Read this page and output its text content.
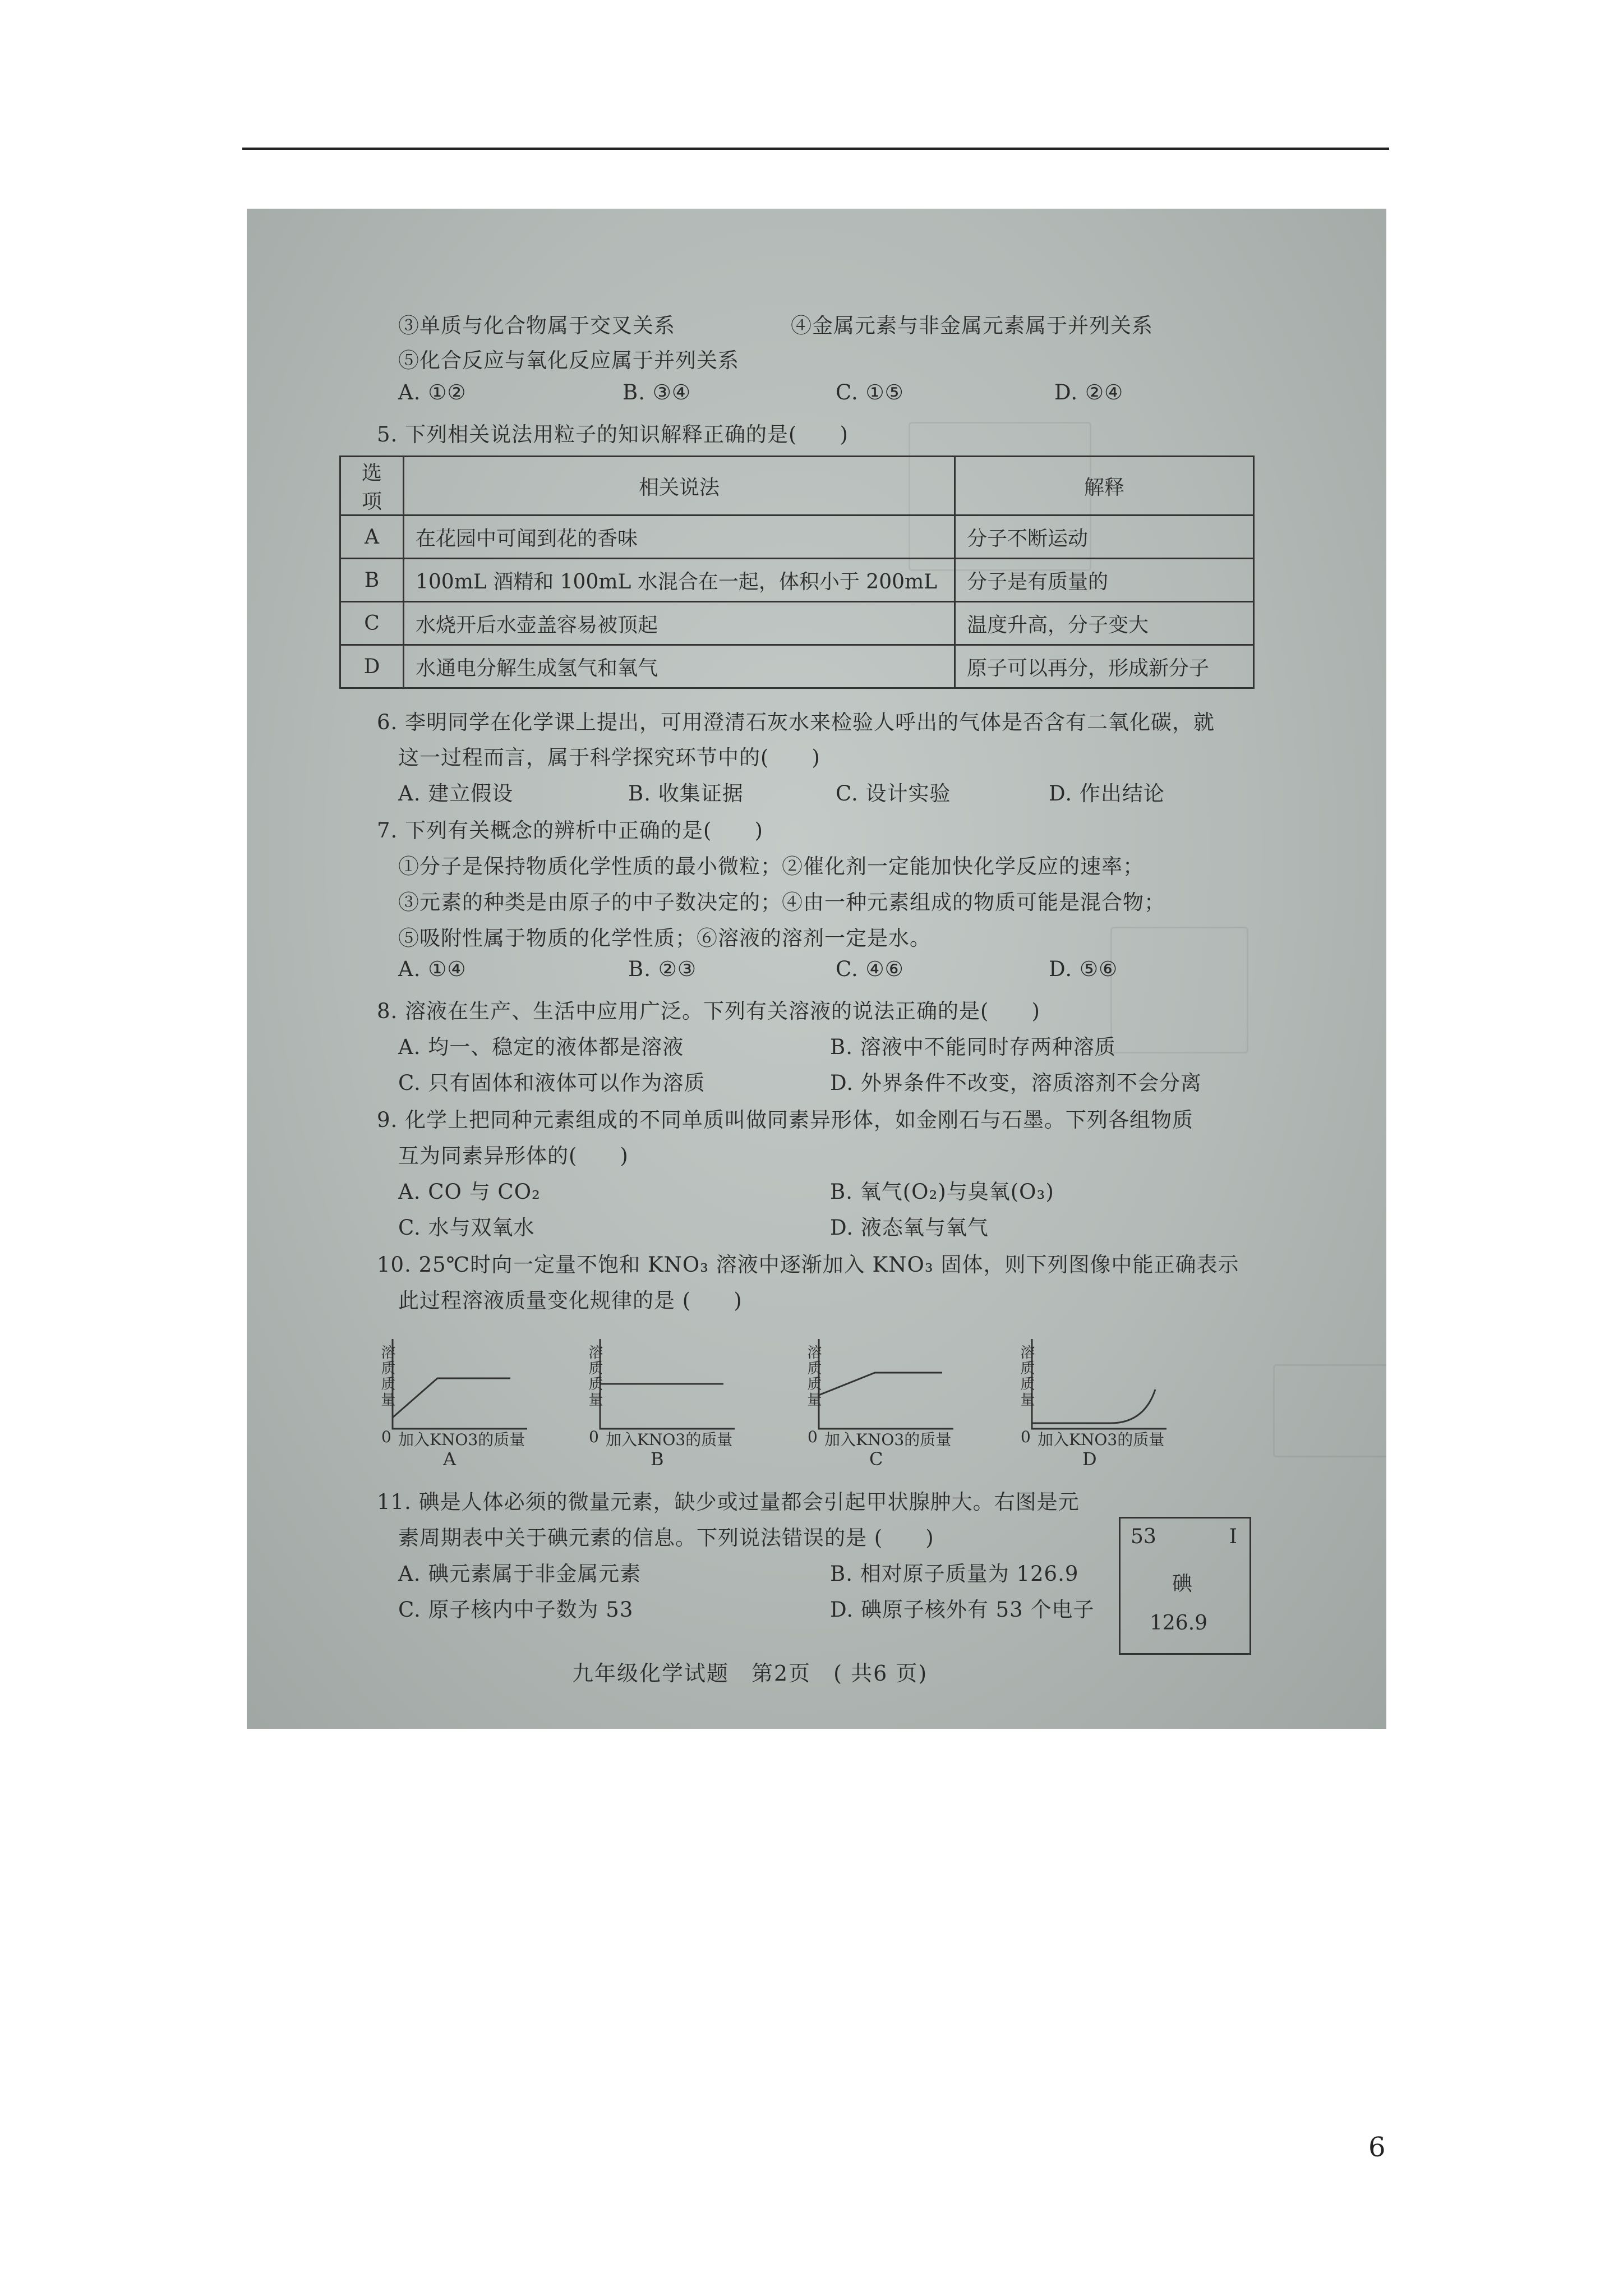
③单质与化合物属于交叉关系	④金属元素与非金属元素属于并列关系
⑤化合反应与氧化反应属于并列关系
A. ①②	B. ③④	C. ①⑤	D. ②④
5. 下列相关说法用粒子的知识解释正确的是(　　)
选项	相关说法	解释
A	在花园中可闻到花的香味	分子不断运动
B	100mL 酒精和 100mL 水混合在一起，体积小于 200mL	分子是有质量的
C	水烧开后水壶盖容易被顶起	温度升高，分子变大
D	水通电分解生成氢气和氧气	原子可以再分，形成新分子
6. 李明同学在化学课上提出，可用澄清石灰水来检验人呼出的气体是否含有二氧化碳，就
这一过程而言，属于科学探究环节中的(　　)
A. 建立假设	B. 收集证据	C. 设计实验	D. 作出结论
7. 下列有关概念的辨析中正确的是(　　)
①分子是保持物质化学性质的最小微粒；②催化剂一定能加快化学反应的速率；
③元素的种类是由原子的中子数决定的；④由一种元素组成的物质可能是混合物；
⑤吸附性属于物质的化学性质；⑥溶液的溶剂一定是水。
A. ①④	B. ②③	C. ④⑥	D. ⑤⑥
8. 溶液在生产、生活中应用广泛。下列有关溶液的说法正确的是(　　)
A. 均一、稳定的液体都是溶液	B. 溶液中不能同时存两种溶质
C. 只有固体和液体可以作为溶质	D. 外界条件不改变，溶质溶剂不会分离
9. 化学上把同种元素组成的不同单质叫做同素异形体，如金刚石与石墨。下列各组物质
互为同素异形体的(　　)
A. CO 与 CO₂	B. 氧气(O₂)与臭氧(O₃)
C. 水与双氧水	D. 液态氧与氧气
10. 25℃时向一定量不饱和 KNO₃ 溶液中逐渐加入 KNO₃ 固体，则下列图像中能正确表示
此过程溶液质量变化规律的是 (　　)
溶质质量
0 加入KNO3的质量
A
溶质质量
0 加入KNO3的质量
B
溶质质量
0 加入KNO3的质量
C
溶质质量
0 加入KNO3的质量
D
11. 碘是人体必须的微量元素，缺少或过量都会引起甲状腺肿大。右图是元
素周期表中关于碘元素的信息。下列说法错误的是 (　　)
A. 碘元素属于非金属元素	B. 相对原子质量为 126.9
C. 原子核内中子数为 53	D. 碘原子核外有 53 个电子
53	I
碘
126.9
九年级化学试题　第2页　( 共6 页)
6
